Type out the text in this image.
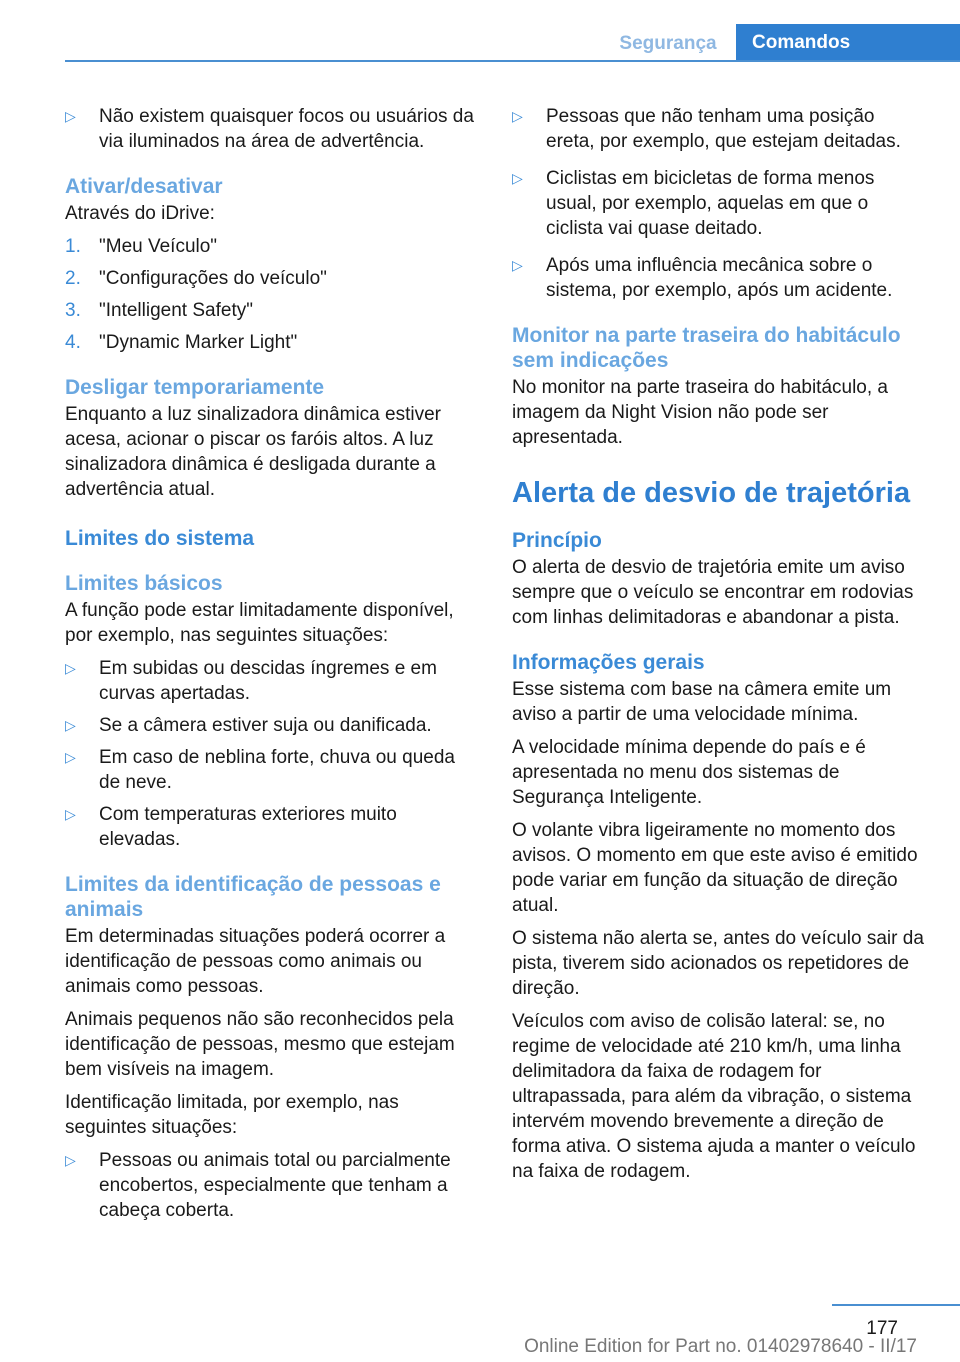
Segurança	Comandos
▷ Não existem quaisquer focos ou usuários da via iluminados na área de advertência.
Ativar/desativar

Através do iDrive:

1. "Meu Veículo"
2. "Configurações do veículo"
3. "Intelligent Safety"
4. "Dynamic Marker Light"
Desligar temporariamente

Enquanto a luz sinalizadora dinâmica estiver acesa, acionar o piscar os faróis altos. A luz sinalizadora dinâmica é desligada durante a advertência atual.

Limites do sistema
Limites básicos

A função pode estar limitadamente disponível, por exemplo, nas seguintes situações:

▷ Em subidas ou descidas íngremes e em curvas apertadas.
▷ Se a câmera estiver suja ou danificada.
▷ Em caso de neblina forte, chuva ou queda de neve.
▷ Com temperaturas exteriores muito elevadas.
Limites da identificação de pessoas e animais

Em determinadas situações poderá ocorrer a identificação de pessoas como animais ou animais como pessoas.

Animais pequenos não são reconhecidos pela identificação de pessoas, mesmo que estejam bem visíveis na imagem.

Identificação limitada, por exemplo, nas seguintes situações:

▷ Pessoas ou animais total ou parcialmente encobertos, especialmente que tenham a cabeça coberta.
▷ Pessoas que não tenham uma posição ereta, por exemplo, que estejam deitadas.
▷ Ciclistas em bicicletas de forma menos usual, por exemplo, aquelas em que o ciclista vai quase deitado.
▷ Após uma influência mecânica sobre o sistema, por exemplo, após um acidente.
Monitor na parte traseira do habitáculo sem indicações

No monitor na parte traseira do habitáculo, a imagem da Night Vision não pode ser apresentada.

Alerta de desvio de trajetória
Princípio

O alerta de desvio de trajetória emite um aviso sempre que o veículo se encontrar em rodovias com linhas delimitadoras e abandonar a pista.

Informações gerais

Esse sistema com base na câmera emite um aviso a partir de uma velocidade mínima.

A velocidade mínima depende do país e é apresentada no menu dos sistemas de Segurança Inteligente.

O volante vibra ligeiramente no momento dos avisos. O momento em que este aviso é emitido pode variar em função da situação de direção atual.

O sistema não alerta se, antes do veículo sair da pista, tiverem sido acionados os repetidores de direção.

Veículos com aviso de colisão lateral: se, no regime de velocidade até 210 km/h, uma linha delimitadora da faixa de rodagem for ultrapassada, para além da vibração, o sistema intervém movendo brevemente a direção de forma ativa. O sistema ajuda a manter o veículo na faixa de rodagem.

177
Online Edition for Part no. 01402978640 - II/17
